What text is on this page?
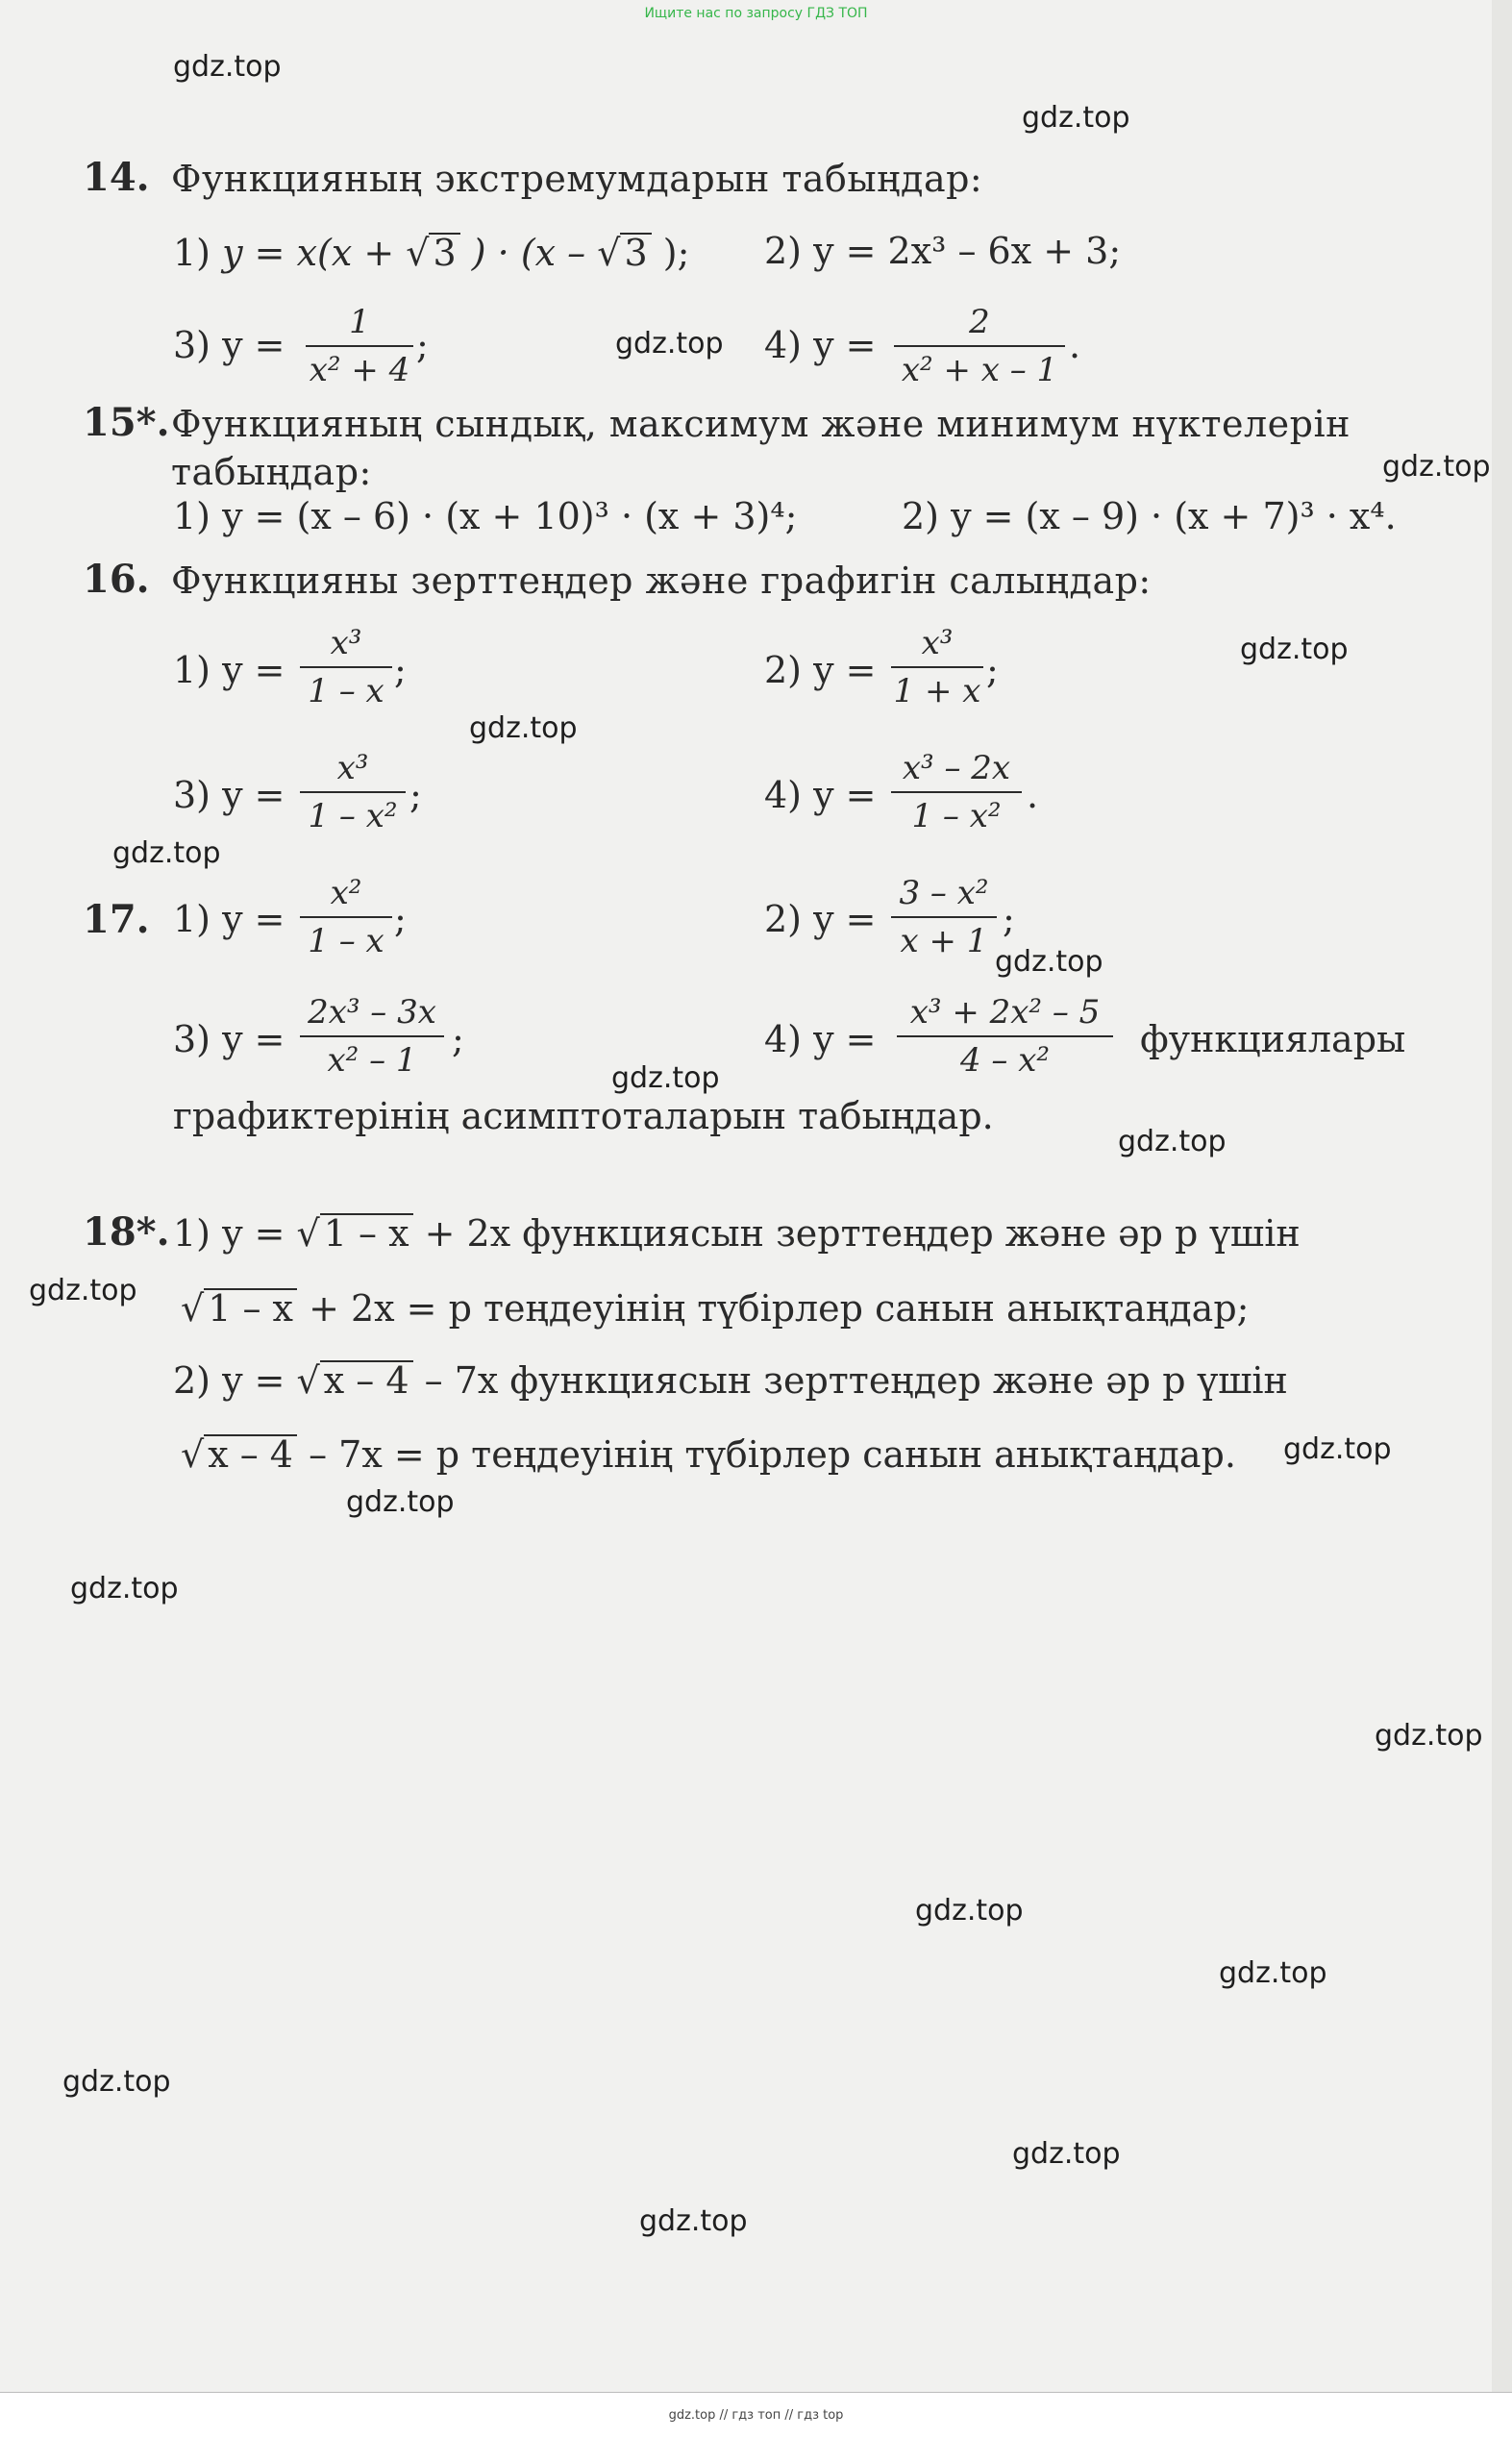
Ищите нас по запросу ГДЗ ТОП
gdz.top
gdz.top
gdz.top
gdz.top
gdz.top
gdz.top
gdz.top
gdz.top
gdz.top
gdz.top
gdz.top
gdz.top
gdz.top
gdz.top
gdz.top
gdz.top
gdz.top
gdz.top
gdz.top
gdz.top
14. Функцияның экстремумдарын табыңдар:
1) y = x(x + √ 3 ) · (x – √ 3 ); 2) y = 2x³ – 6x + 3;
3) y =
1
x² + 4
;	4) y =
2
x² + x – 1
.
15*. Функцияның сындық, максимум және минимум нүктелерін
табыңдар:
1) y = (x – 6) · (x + 10)³ · (x + 3)⁴;	2) y = (x – 9) · (x + 7)³ · x⁴.
16. Функцияны зерттеңдер және графигін салыңдар:
1) y =
x³
1 – x ;	2) y =
x³
1 + x ;
3) y =
x³
1 – x² ;	4) y =
x³ – 2x
1 – x² .
17. 1) y =
x²
1 – x
;	2) y =
3 – x²
x + 1
;
3) y =
2x³ – 3x
x² – 1 ;	4) y =
x³ + 2x² – 5
4 – x²	функциялары
графиктерінің асимптоталарын табыңдар.
18*. 1) y = √ 1 – x + 2x функциясын зерттеңдер және әр p үшін
√ 1 – x + 2x = p теңдеуінің түбірлер санын анықтаңдар;
2) y = √ x – 4 – 7x функциясын зерттеңдер және әр p үшін
√ x – 4 – 7x = p теңдеуінің түбірлер санын анықтаңдар.
gdz.top // гдз топ // гдз top
